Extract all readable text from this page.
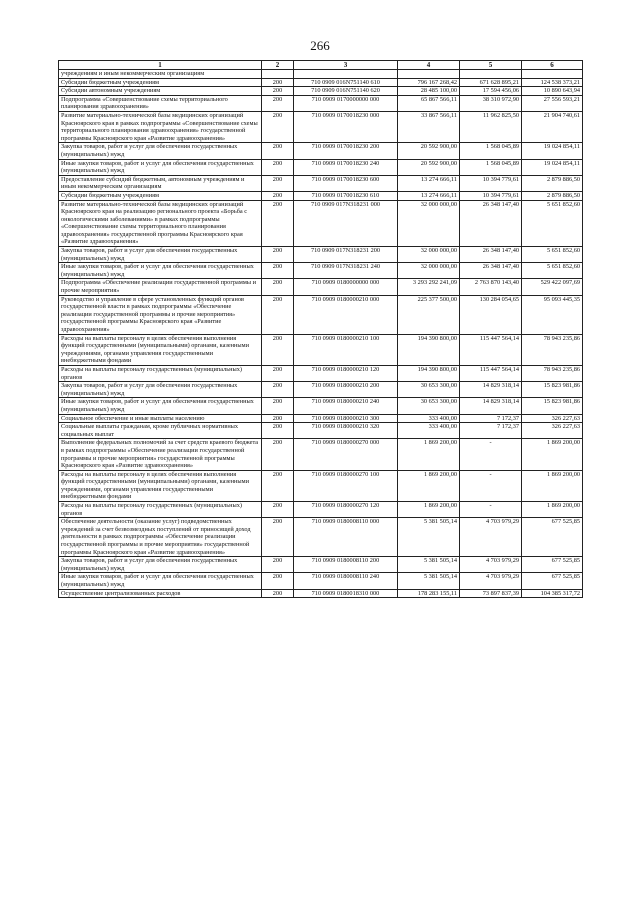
266
1	2	3	4	5	6
учреждениям и иным некоммерческим организациям					
Субсидии бюджетным учреждениям	200	710 0909 016N751140 610	796 167 268,42	671 628 895,21	124 538 373,21
Субсидии автономным учреждениям	200	710 0909 016N751140 620	28 485 100,00	17 594 456,06	10 890 643,94
Подпрограмма «Совершенствование схемы территориального планирования здравоохранения»	200	710 0909 0170000000 000	65 867 566,11	38 310 972,90	27 556 593,21
Развитие материально-технической базы медицинских организаций Красноярского края в рамках подпрограммы «Совершенствование схемы территориального планирования здравоохранения» государственной программы Красноярского края «Развитие здравоохранения»	200	710 0909 0170018230 000	33 867 566,11	11 962 825,50	21 904 740,61
Закупка товаров, работ и услуг для обеспечения государственных (муниципальных) нужд	200	710 0909 0170018230 200	20 592 900,00	1 568 045,89	19 024 854,11
Иные закупки товаров, работ и услуг для обеспечения государственных (муниципальных) нужд	200	710 0909 0170018230 240	20 592 900,00	1 568 045,89	19 024 854,11
Предоставление субсидий бюджетным, автономным учреждениям и иным некоммерческим организациям	200	710 0909 0170018230 600	13 274 666,11	10 394 779,61	2 879 886,50
Субсидии бюджетным учреждениям	200	710 0909 0170018230 610	13 274 666,11	10 394 779,61	2 879 886,50
Развитие материально-технической базы медицинских организаций Красноярского края на реализацию регионального проекта «Борьба с онкологическими заболеваниями» в рамках подпрограммы «Совершенствование схемы территориального планирования здравоохранения» государственной программы Красноярского края «Развитие здравоохранения»	200	710 0909 017N318231 000	32 000 000,00	26 348 147,40	5 651 852,60
Закупка товаров, работ и услуг для обеспечения государственных (муниципальных) нужд	200	710 0909 017N318231 200	32 000 000,00	26 348 147,40	5 651 852,60
Иные закупки товаров, работ и услуг для обеспечения государственных (муниципальных) нужд	200	710 0909 017N318231 240	32 000 000,00	26 348 147,40	5 651 852,60
Подпрограмма «Обеспечение реализации государственной программы и прочие мероприятия»	200	710 0909 0180000000 000	3 293 292 241,09	2 763 870 143,40	529 422 097,69
Руководство и управление в сфере установленных функций органов государственной власти в рамках подпрограммы «Обеспечение реализации государственной программы и прочие мероприятия» государственной программы Красноярского края «Развитие здравоохранения»	200	710 0909 0180000210 000	225 377 500,00	130 284 054,65	95 093 445,35
Расходы на выплаты персоналу в целях обеспечения выполнения функций государственными (муниципальными) органами, казенными учреждениями, органами управления государственными внебюджетными фондами	200	710 0909 0180000210 100	194 390 800,00	115 447 564,14	78 943 235,86
Расходы на выплаты персоналу государственных (муниципальных) органов	200	710 0909 0180000210 120	194 390 800,00	115 447 564,14	78 943 235,86
Закупка товаров, работ и услуг для обеспечения государственных (муниципальных) нужд	200	710 0909 0180000210 200	30 653 300,00	14 829 318,14	15 823 981,86
Иные закупки товаров, работ и услуг для обеспечения государственных (муниципальных) нужд	200	710 0909 0180000210 240	30 653 300,00	14 829 318,14	15 823 981,86
Социальное обеспечение и иные выплаты населению	200	710 0909 0180000210 300	333 400,00	7 172,37	326 227,63
Социальные выплаты гражданам, кроме публичных нормативных социальных выплат	200	710 0909 0180000210 320	333 400,00	7 172,37	326 227,63
Выполнение федеральных полномочий за счет средств краевого бюджета в рамках подпрограммы «Обеспечение реализации государственной программы и прочие мероприятия» государственной программы Красноярского края «Развитие здравоохранения»	200	710 0909 0180000270 000	1 869 200,00	-	1 869 200,00
Расходы на выплаты персоналу в целях обеспечения выполнения функций государственными (муниципальными) органами, казенными учреждениями, органами управления государственными внебюджетными фондами	200	710 0909 0180000270 100	1 869 200,00	-	1 869 200,00
Расходы на выплаты персоналу государственных (муниципальных) органов	200	710 0909 0180000270 120	1 869 200,00	-	1 869 200,00
Обеспечение деятельности (оказание услуг) подведомственных учреждений за счет безвозмездных поступлений от приносящей доход деятельности в рамках подпрограммы «Обеспечение реализации государственной программы и прочие мероприятия» государственной программы Красноярского края «Развитие здравоохранения»	200	710 0909 0180008110 000	5 381 505,14	4 703 979,29	677 525,85
Закупка товаров, работ и услуг для обеспечения государственных (муниципальных) нужд	200	710 0909 0180008110 200	5 381 505,14	4 703 979,29	677 525,85
Иные закупки товаров, работ и услуг для обеспечения государственных (муниципальных) нужд	200	710 0909 0180008110 240	5 381 505,14	4 703 979,29	677 525,85
Осуществление централизованных расходов	200	710 0909 0180018310 000	178 283 155,11	73 897 837,39	104 385 317,72
